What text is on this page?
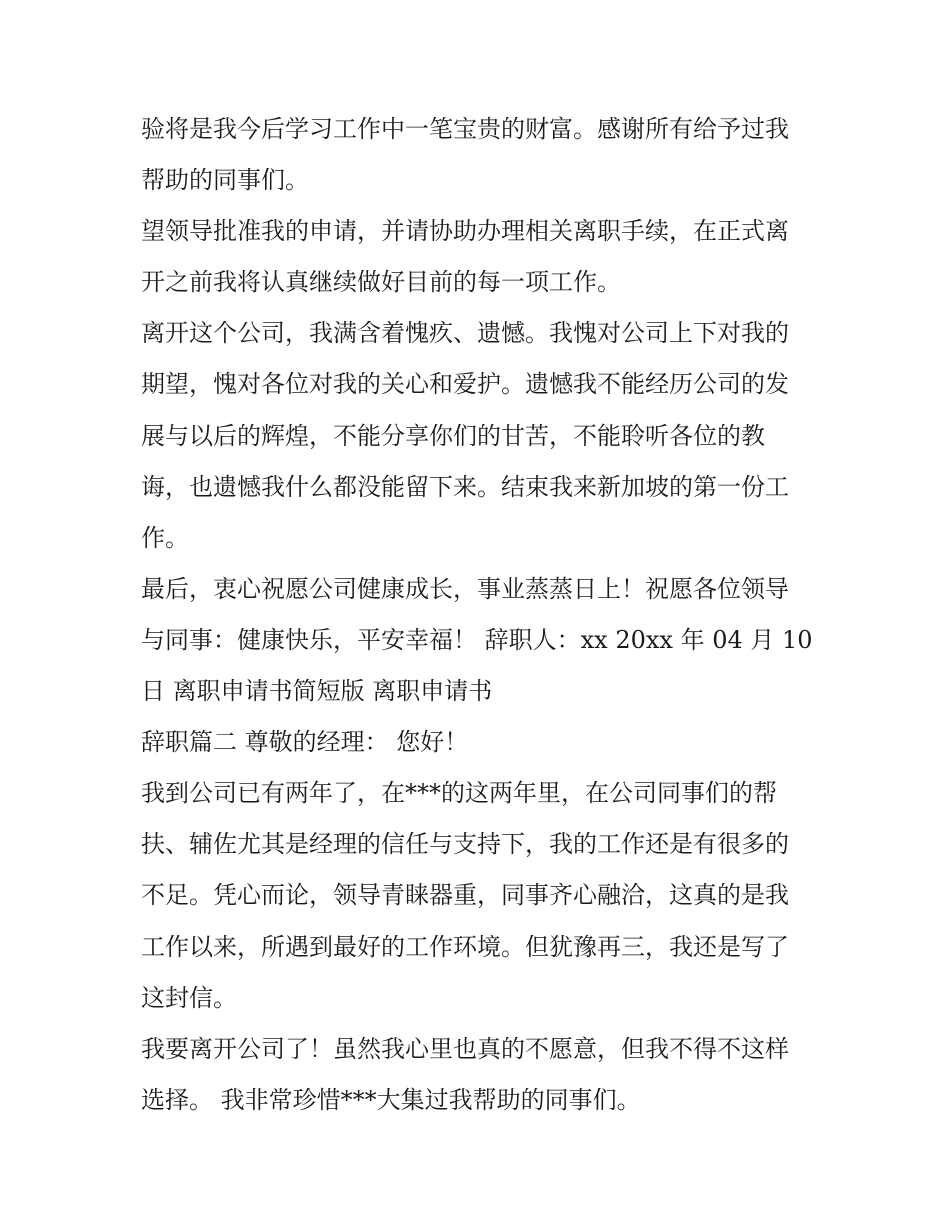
验将是我今后学习工作中一笔宝贵的财富。感谢所有给予过我
帮助的同事们。
望领导批准我的申请，并请协助办理相关离职手续，在正式离
开之前我将认真继续做好目前的每一项工作。
离开这个公司，我满含着愧疚、遗憾。我愧对公司上下对我的
期望，愧对各位对我的关心和爱护。遗憾我不能经历公司的发
展与以后的辉煌，不能分享你们的甘苦，不能聆听各位的教
诲，也遗憾我什么都没能留下来。结束我来新加坡的第一份工
作。
最后，衷心祝愿公司健康成长，事业蒸蒸日上！祝愿各位领导
与同事：健康快乐，平安幸福！ 辞职人：xx 20xx 年 04 月 10
日 离职申请书简短版 离职申请书
辞职篇二 尊敬的经理： 您好！
我到公司已有两年了，在***的这两年里，在公司同事们的帮
扶、辅佐尤其是经理的信任与支持下，我的工作还是有很多的
不足。凭心而论，领导青睐器重，同事齐心融洽，这真的是我
工作以来，所遇到最好的工作环境。但犹豫再三，我还是写了
这封信。
我要离开公司了！虽然我心里也真的不愿意，但我不得不这样
选择。 我非常珍惜***大集过我帮助的同事们。
